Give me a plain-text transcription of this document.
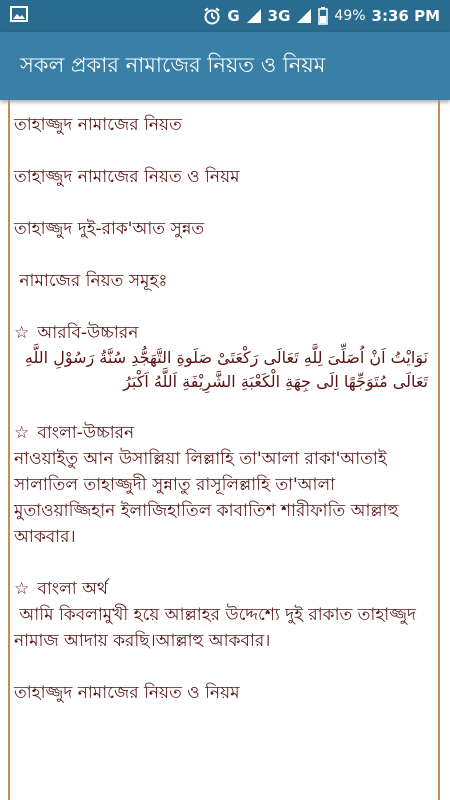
G 3G	49% 3:36 PM
সকল প্রকার নামাজের নিয়ত ও নিয়ম

তাহাজ্জুদ নামাজের নিয়ত

তাহাজ্জুদ নামাজের নিয়ত ও নিয়ম

তাহাজ্জুদ দুই-রাক'আত সুন্নত

নামাজের নিয়ত সমূহঃ

☆ আরবি-উচ্চারন

نَوَايْتُ اَنْ اُصَلِّىَ لِلَّهِ تَعَالَى رَكْعَتَىْ صَلَوةِ التَّهَجُّدِ سُنَّةُ رَسُوْلِ اللَّهِ تَعَالَى مُتَوَجِّهًا اِلَى جِهَةِ الْكَعْبَةِ الشَّرِيْفَةِ اَللَّهُ اَكْبَرُ

☆ বাংলা-উচ্চারন

নাওয়াইতু আন উসাল্লিয়া লিল্লাহি তা'আলা রাকা'আতাই সালাতিল তাহাজ্জুদী সুন্নাতু রাসূলিল্লাহি তা'আলা মুতাওয়াজ্জিহান ইলাজিহাতিল কাবাতিশ শারীফাতি আল্লাহু আকবার।

☆ বাংলা অর্থ

আমি কিবলামুখী হয়ে আল্লাহর উদ্দেশ্যে দুই রাকাত তাহাজ্জুদ নামাজ আদায় করছি।আল্লাহু আকবার।

তাহাজ্জুদ নামাজের নিয়ত ও নিয়ম
